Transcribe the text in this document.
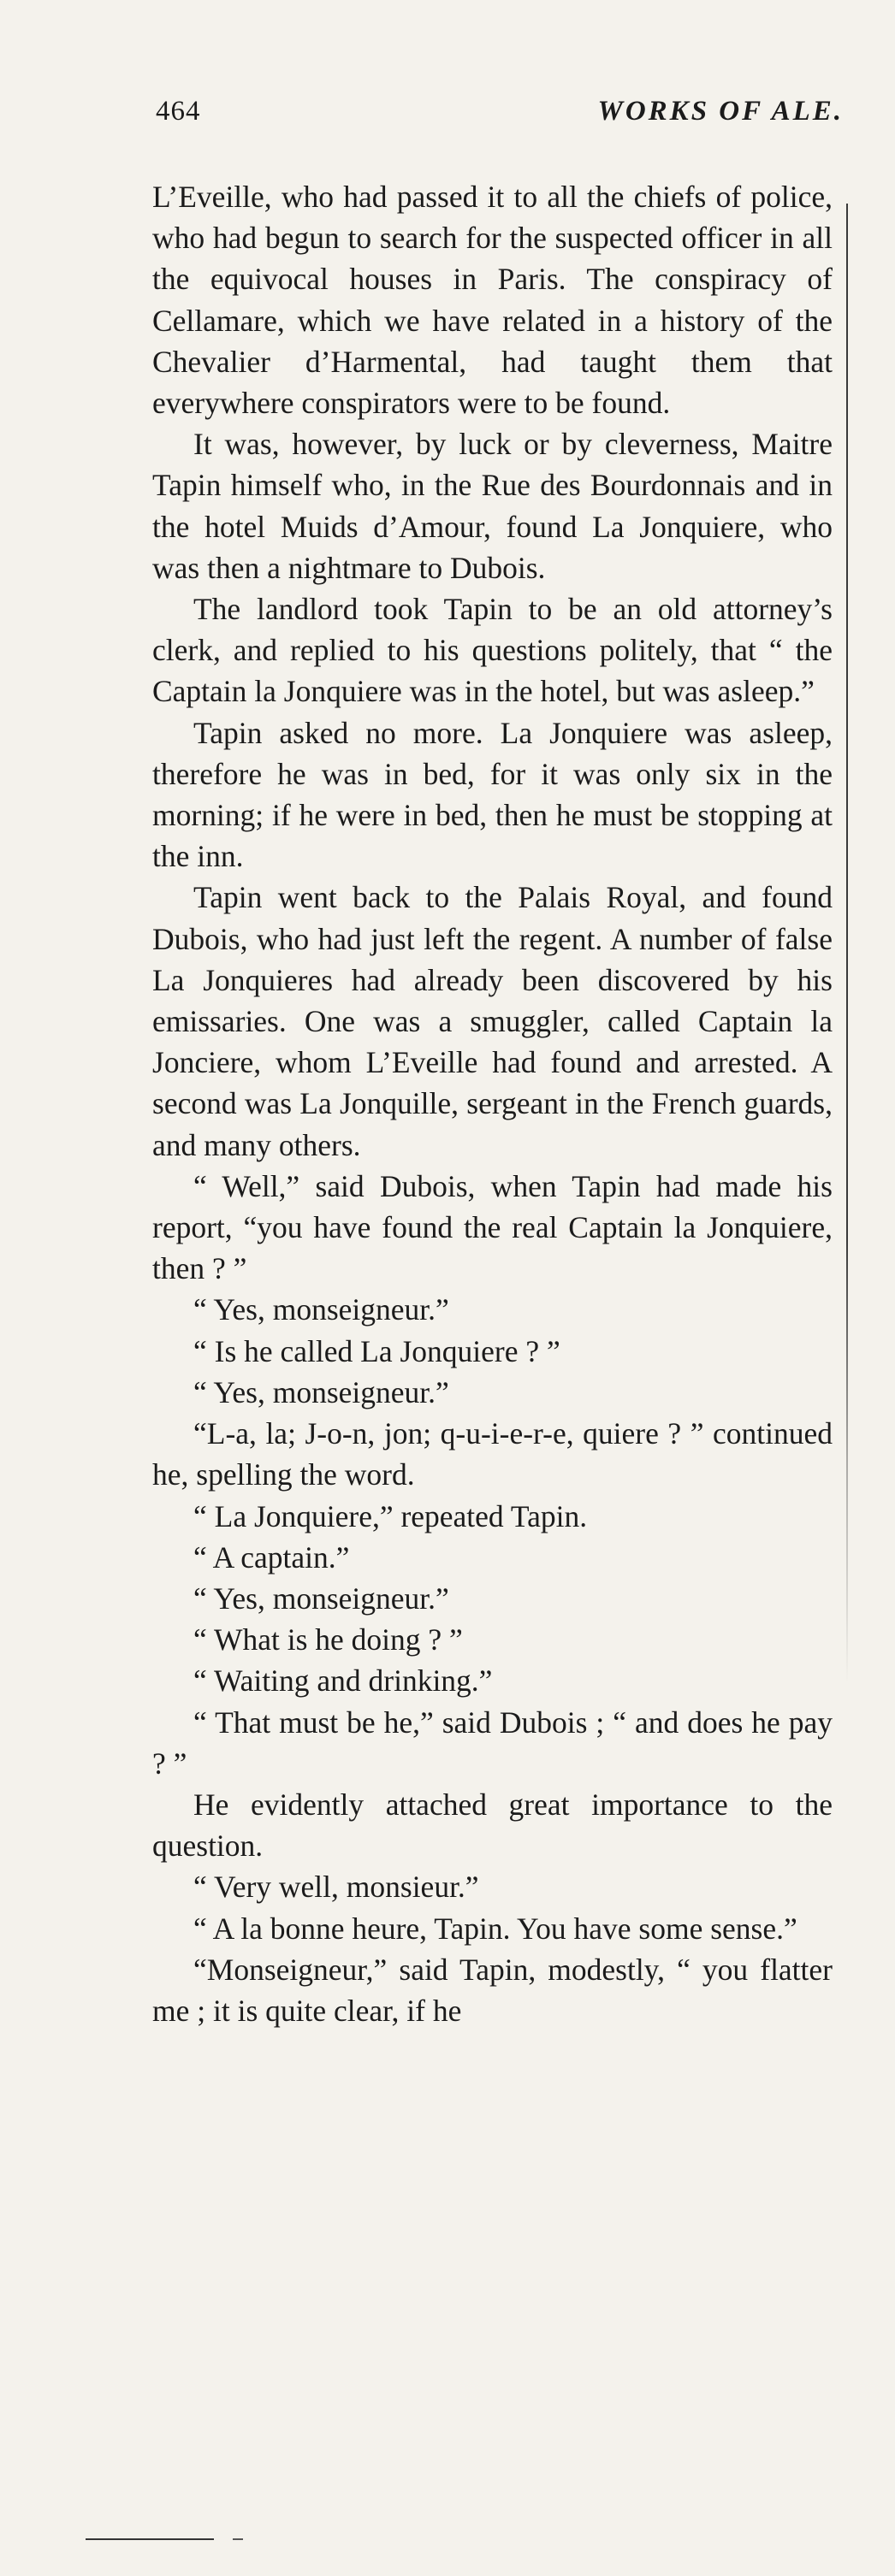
464	WORKS OF ALE.

L’Eveille, who had passed it to all the chiefs of police, who had begun to search for the suspected officer in all the equivocal houses in Paris. The conspiracy of Cellamare, which we have related in a history of the Chevalier d’Harmental, had taught them that everywhere conspirators were to be found.

It was, however, by luck or by cleverness, Maitre Tapin himself who, in the Rue des Bourdonnais and in the hotel Muids d’Amour, found La Jonquiere, who was then a nightmare to Dubois.

The landlord took Tapin to be an old attorney’s clerk, and replied to his questions politely, that “ the Captain la Jonquiere was in the hotel, but was asleep.”

Tapin asked no more. La Jonquiere was asleep, therefore he was in bed, for it was only six in the morning; if he were in bed, then he must be stopping at the inn.

Tapin went back to the Palais Royal, and found Dubois, who had just left the regent. A number of false La Jonquieres had already been discovered by his emissaries. One was a smuggler, called Captain la Jonciere, whom L’Eveille had found and arrested. A second was La Jonquille, sergeant in the French guards, and many others.

“ Well,” said Dubois, when Tapin had made his report, “you have found the real Captain la Jonquiere, then ? ”

“ Yes, monseigneur.”

“ Is he called La Jonquiere ? ”

“ Yes, monseigneur.”

“L-a, la; J-o-n, jon; q-u-i-e-r-e, quiere ? ” continued he, spelling the word.

“ La Jonquiere,” repeated Tapin.

“ A captain.”

“ Yes, monseigneur.”

“ What is he doing ? ”

“ Waiting and drinking.”

“ That must be he,” said Dubois ; “ and does he pay ? ”

He evidently attached great importance to the question.

“ Very well, monsieur.”

“ A la bonne heure, Tapin. You have some sense.”

“Monseigneur,” said Tapin, modestly, “ you flatter me ; it is quite clear, if he
